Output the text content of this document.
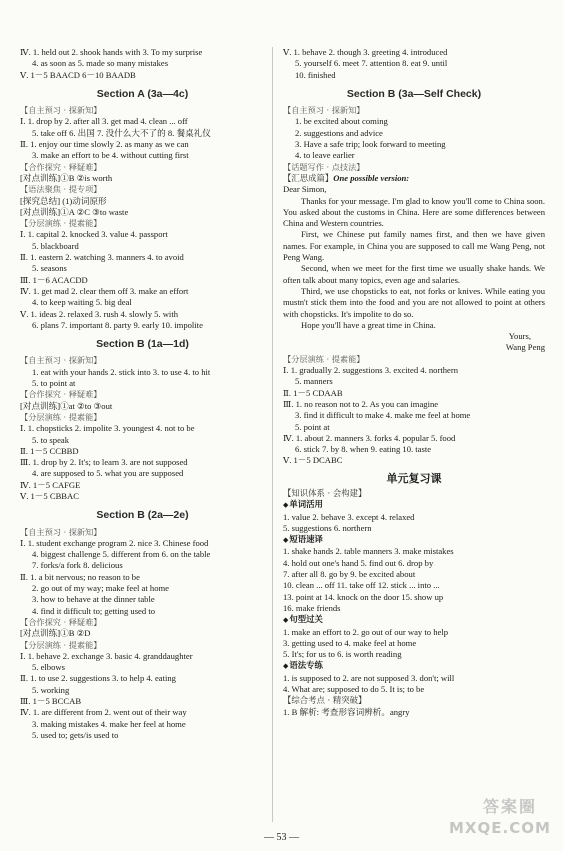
Ⅳ. 1. held out 2. shook hands with 3. To my surprise
4. as soon as 5. made so many mistakes
Ⅴ. 1－5 BAACD 6－10 BAADB
Section A (3a—4c)
【自主预习 · 探新知】
Ⅰ. 1. drop by 2. after all 3. get mad 4. clean ... off
5. take off 6. 出国 7. 没什么大不了的 8. 餐桌礼仪
Ⅱ. 1. enjoy our time slowly 2. as many as we can
3. make an effort to be 4. without cutting first
【合作探究 · 释疑难】
[对点训练]①B ②is worth
【语法聚焦 · 提专项】
[探究总结] (1)动词原形
[对点训练]①A ②C ③to waste
【分层演练 · 提素能】
Ⅰ. 1. capital 2. knocked 3. value 4. passport
5. blackboard
Ⅱ. 1. eastern 2. watching 3. manners 4. to avoid
5. seasons
Ⅲ. 1－6 ACACDD
Ⅳ. 1. get mad 2. clear them off 3. make an effort
4. to keep waiting 5. big deal
Ⅴ. 1. ideas 2. relaxed 3. rush 4. slowly 5. with
6. plans 7. important 8. party 9. early 10. impolite
Section B (1a—1d)
【自主预习 · 探新知】
1. eat with your hands 2. stick into 3. to use 4. to hit
5. to point at
【合作探究 · 释疑难】
[对点训练]①at ②to ③out
【分层演练 · 提素能】
Ⅰ. 1. chopsticks 2. impolite 3. youngest 4. not to be
5. to speak
Ⅱ. 1－5 CCBBD
Ⅲ. 1. drop by 2. It's; to learn 3. are not supposed
4. are supposed to 5. what you are supposed
Ⅳ. 1－5 CAFGE
Ⅴ. 1－5 CBBAC
Section B (2a—2e)
【自主预习 · 探新知】
Ⅰ. 1. student exchange program 2. nice 3. Chinese food
4. biggest challenge 5. different from 6. on the table
7. forks/a fork 8. delicious
Ⅱ. 1. a bit nervous; no reason to be
2. go out of my way; make feel at home
3. how to behave at the dinner table
4. find it difficult to; getting used to
【合作探究 · 释疑难】
[对点训练]①B ②D
【分层演练 · 提素能】
Ⅰ. 1. behave 2. exchange 3. basic 4. granddaughter
5. elbows
Ⅱ. 1. to use 2. suggestions 3. to help 4. eating
5. working
Ⅲ. 1－5 BCCAB
Ⅳ. 1. are different from 2. went out of their way
3. making mistakes 4. make her feel at home
5. used to; gets/is used to
Ⅴ. 1. behave 2. though 3. greeting 4. introduced
5. yourself 6. meet 7. attention 8. eat 9. until
10. finished
Section B (3a—Self Check)
【自主预习 · 探新知】
1. be excited about coming
2. suggestions and advice
3. Have a safe trip; look forward to meeting
4. to leave earlier
【话题写作 · 点技法】
【汇思成篇】One possible version:
Dear Simon,
Thanks for your message. I'm glad to know you'll come to China soon. You asked about the customs in China. Here are some differences between China and Western countries.
First, we Chinese put family names first, and then we have given names. For example, in China you are supposed to call me Wang Peng, not Peng Wang.
Second, when we meet for the first time we usually shake hands. We often talk about many topics, even age and salaries.
Third, we use chopsticks to eat, not forks or knives. While eating you mustn't stick them into the food and you are not allowed to point at others with chopsticks. It's impolite to do so.
Hope you'll have a great time in China.
Yours,
Wang Peng
【分层演练 · 提素能】
Ⅰ. 1. gradually 2. suggestions 3. excited 4. northern
5. manners
Ⅱ. 1－5 CDAAB
Ⅲ. 1. no reason not to 2. As you can imagine
3. find it difficult to make 4. make me feel at home
5. point at
Ⅳ. 1. about 2. manners 3. forks 4. popular 5. food
6. stick 7. by 8. when 9. eating 10. taste
Ⅴ. 1－5 DCABC
单元复习课
【知识体系 · 会构建】
◆单词活用
1. value 2. behave 3. except 4. relaxed
5. suggestions 6. northern
◆短语速译
1. shake hands 2. table manners 3. make mistakes
4. hold out one's hand 5. find out 6. drop by
7. after all 8. go by 9. be excited about
10. clean ... off 11. take off 12. stick ... into ...
13. point at 14. knock on the door 15. show up
16. make friends
◆句型过关
1. make an effort to 2. go out of our way to help
3. getting used to 4. make feel at home
5. It's; for us to 6. is worth reading
◆语法专练
1. is supposed to 2. are not supposed 3. don't; will
4. What are; supposed to do 5. It is; to be
【综合考点 · 精突破】
1. B 解析: 考查形容词辨析。angry
— 53 —
答案圈
MXQE.COM
